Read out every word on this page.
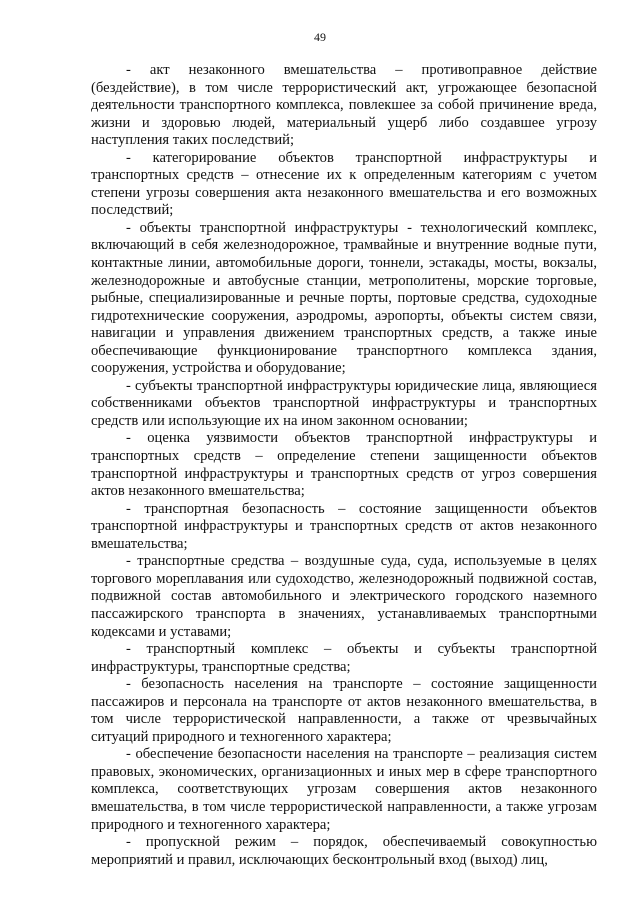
49

- акт незаконного вмешательства – противоправное действие (бездействие), в том числе террористический акт, угрожающее безопасной деятельности транспортного комплекса, повлекшее за собой причинение вреда, жизни и здоровью людей, материальный ущерб либо создавшее угрозу наступления таких последствий;

- категорирование объектов транспортной инфраструктуры и транспортных средств – отнесение их к определенным категориям с учетом степени угрозы совершения акта незаконного вмешательства и его возможных последствий;

- объекты транспортной инфраструктуры - технологический комплекс, включающий в себя железнодорожное, трамвайные и внутренние водные пути, контактные линии, автомобильные дороги, тоннели, эстакады, мосты, вокзалы, железнодорожные и автобусные станции, метрополитены, морские торговые, рыбные, специализированные и речные порты, портовые средства, судоходные гидротехнические сооружения, аэродромы, аэропорты, объекты систем связи, навигации и управления движением транспортных средств, а также иные обеспечивающие функционирование транспортного комплекса здания, сооружения, устройства и оборудование;

- субъекты транспортной инфраструктуры юридические лица, являющиеся собственниками объектов транспортной инфраструктуры и транспортных средств или использующие их на ином законном основании;

- оценка уязвимости объектов транспортной инфраструктуры и транспортных средств – определение степени защищенности объектов транспортной инфраструктуры и транспортных средств от угроз совершения актов незаконного вмешательства;

- транспортная безопасность – состояние защищенности объектов транспортной инфраструктуры и транспортных средств от актов незаконного вмешательства;

- транспортные средства – воздушные суда, суда, используемые в целях торгового мореплавания или судоходство, железнодорожный подвижной состав, подвижной состав автомобильного и электрического городского наземного пассажирского транспорта в значениях, устанавливаемых транспортными кодексами и уставами;

- транспортный комплекс – объекты и субъекты транспортной инфраструктуры, транспортные средства;

- безопасность населения на транспорте – состояние защищенности пассажиров и персонала на транспорте от актов незаконного вмешательства, в том числе террористической направленности, а также от чрезвычайных ситуаций природного и техногенного характера;

- обеспечение безопасности населения на транспорте – реализация систем правовых, экономических, организационных и иных мер в сфере транспортного комплекса, соответствующих угрозам совершения актов незаконного вмешательства, в том числе террористической направленности, а также угрозам природного и техногенного характера;

- пропускной режим – порядок, обеспечиваемый совокупностью мероприятий и правил, исключающих бесконтрольный вход (выход) лиц,
